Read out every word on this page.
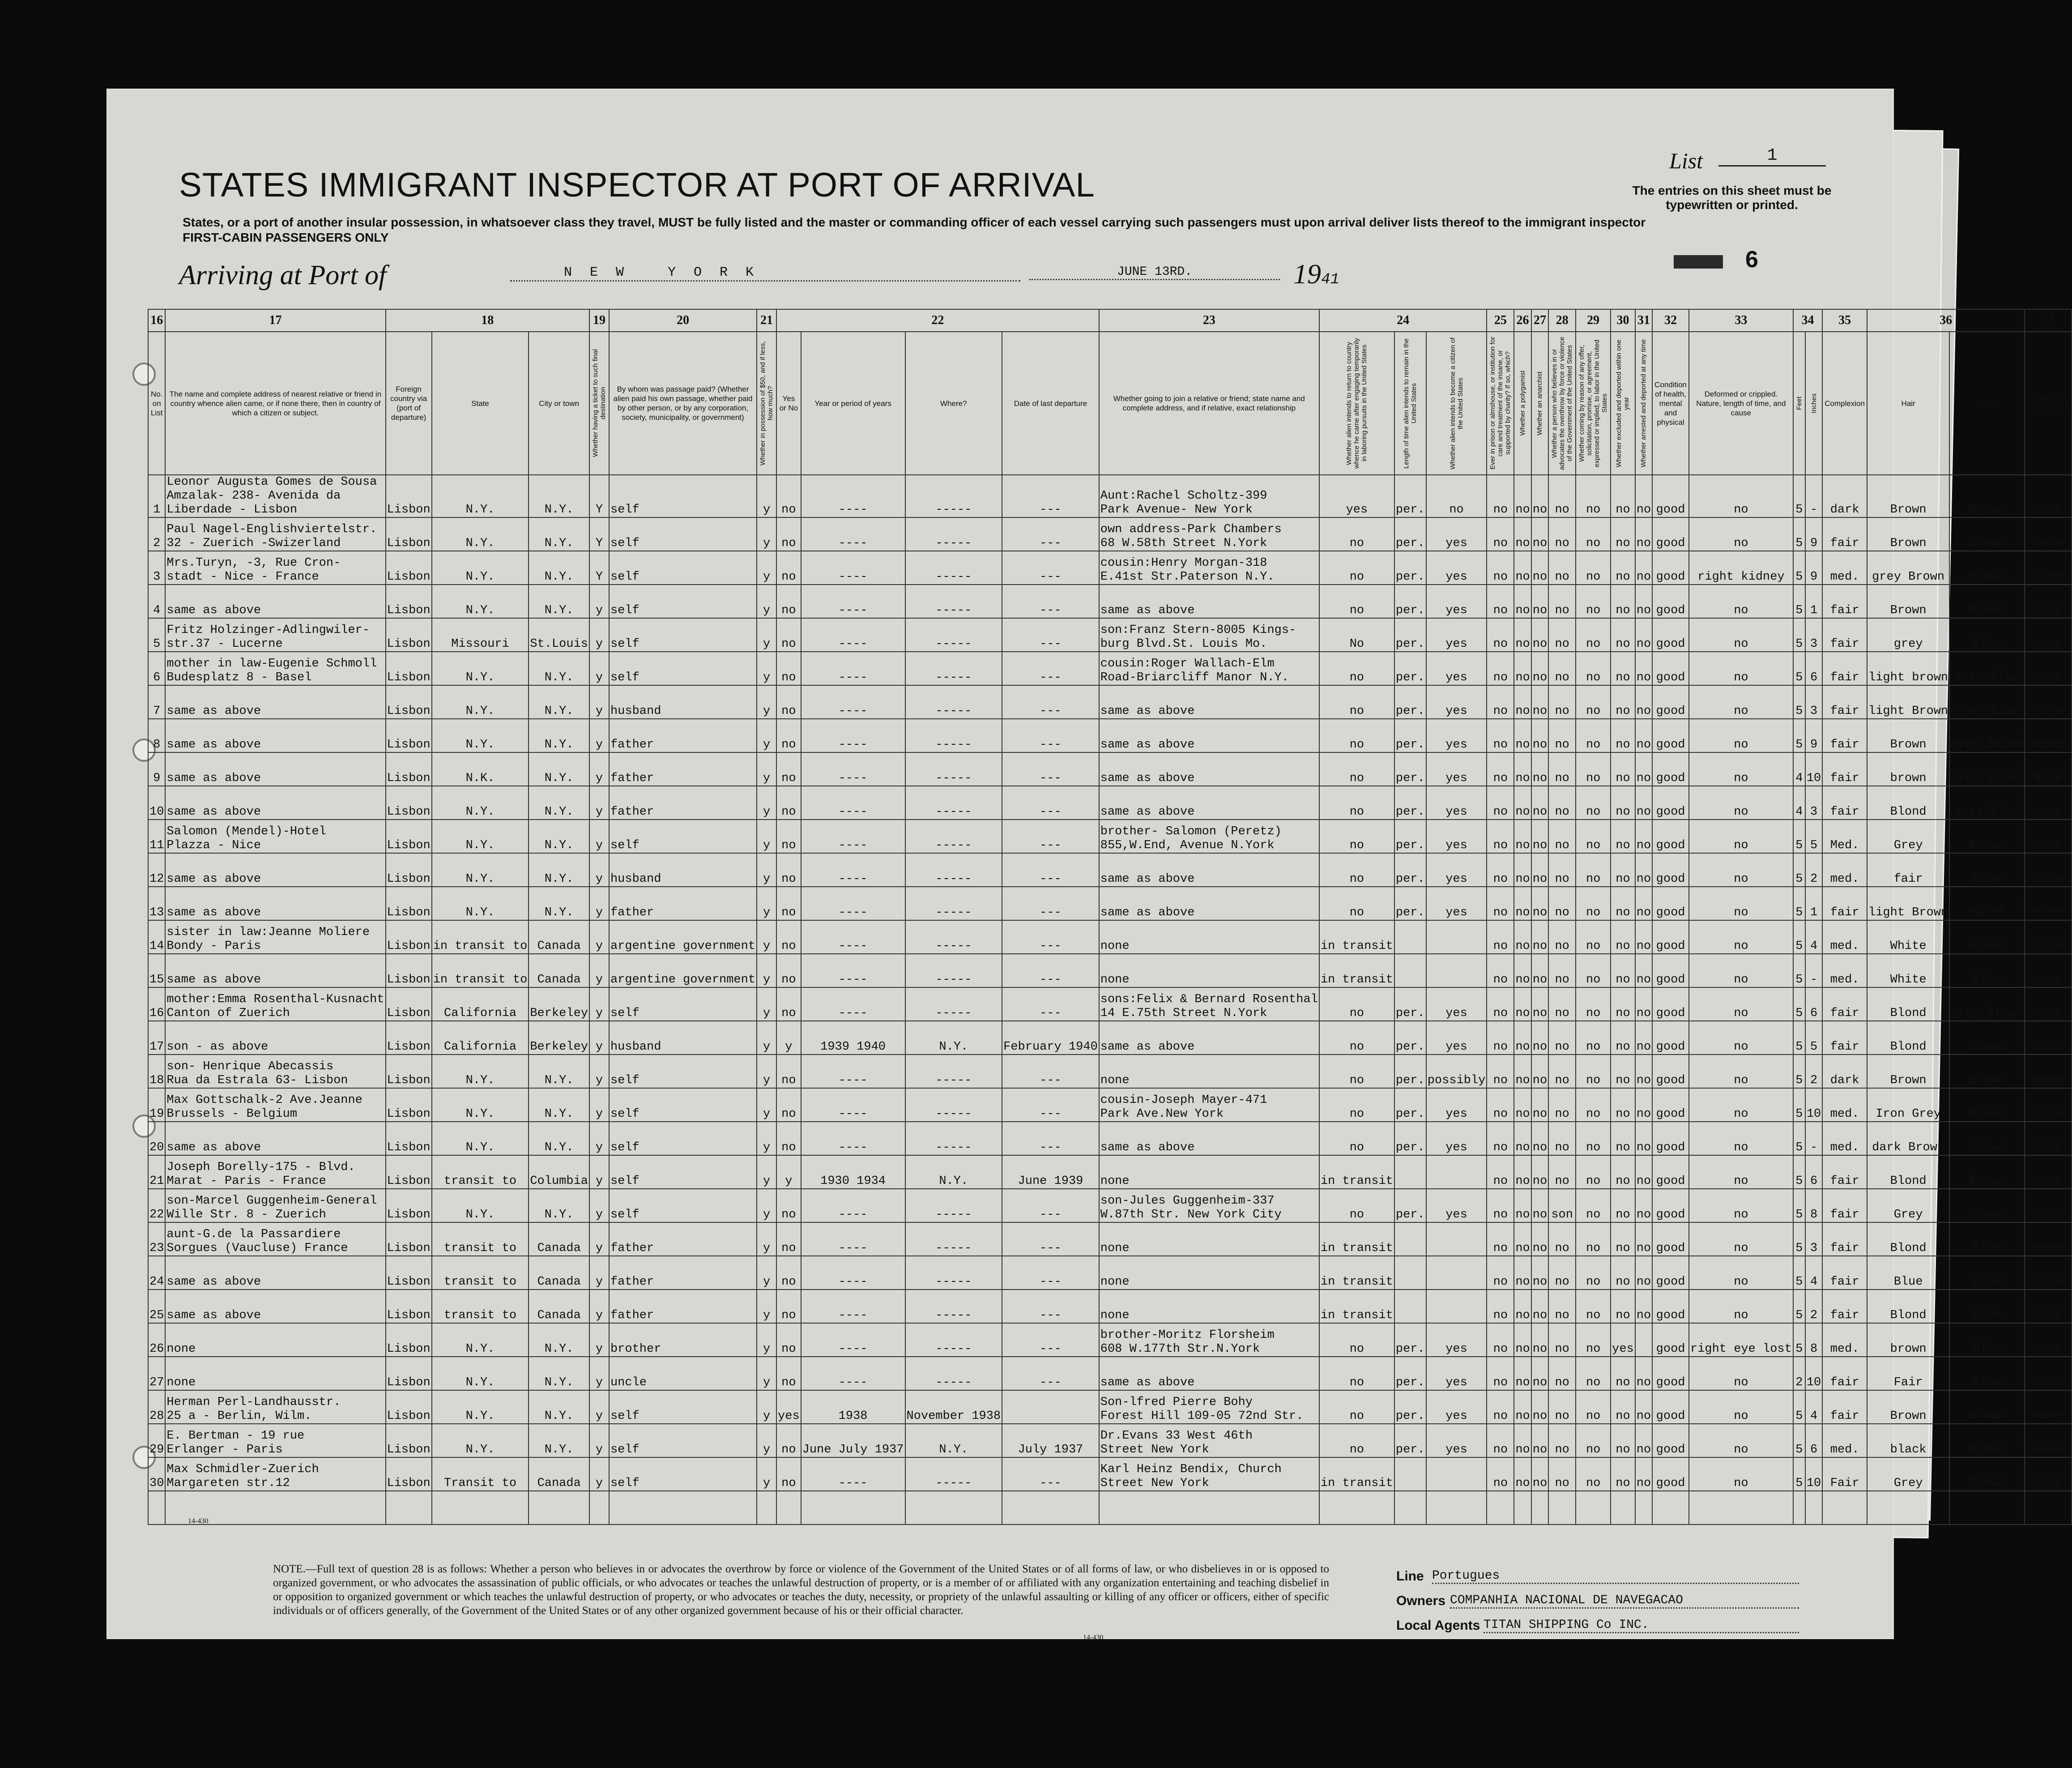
STATES IMMIGRANT INSPECTOR AT PORT OF ARRIVAL
States, or a port of another insular possession, in whatsoever class they travel, MUST be fully listed and the master or commanding officer of each vessel carrying such passengers must upon arrival deliver lists thereof to the immigrant inspector
FIRST-CABIN PASSENGERS ONLY
List	1
The entries on this sheet must be typewritten or printed.
6
Arriving at Port of	NEW YORK	JUNE 13RD.	1941
16	17	18			19	20	21	22				23	24			25	26	27	28	29	30	31	32	33	34		35	36		37
No. on List	The name and complete address of nearest relative or friend in country whence alien came, or if none there, then in country of which a citizen or subject.	Foreign country via (port of departure)	State	City or town	Whether having a ticket to such final destination	By whom was passage paid? (Whether alien paid his own passage, whether paid by other person, or by any corporation, society, municipality, or government)	Whether in possession of $50, and if less, how much?	Yes or No	Year or period of years	Where?	Date of last departure	Whether going to join a relative or friend; state name and complete address, and if relative, exact relationship	Whether alien intends to return to country whence he came after engaging temporarily in laboring pursuits in the United States	Length of time alien intends to remain in the United States	Whether alien intends to become a citizen of the United States	Ever in prison or almshouse, or institution for care and treatment of the insane, or supported by charity? If so, which?	Whether a polygamist	Whether an anarchist	Whether a person who believes in or advocates the overthrow by force or violence of the Government of the United States	Whether coming by reason of any offer, solicitation, promise, or agreement, expressed or implied, to labor in the United States	Whether excluded and deported within one year	Whether arrested and deported at any time	Condition of health, mental and physical	Deformed or crippled. Nature, length of time, and cause	Feet	Inches	Complexion	Hair	Eyes	Marks of identification
1	Leonor Augusta Gomes de Sousa
Amzalak- 238- Avenida da
Liberdade - Lisbon	Lisbon	N.Y.	N.Y.	Y	self	y	no	----	-----	---	Aunt:Rachel Scholtz-399
Park Avenue- New York	yes	per.	no	no	no	no	no	no	no	no	good	no	5	-	dark	Brown	Brown	none
2	Paul Nagel-Englishviertelstr.
32 - Zuerich -Swizerland	Lisbon	N.Y.	N.Y.	Y	self	y	no	----	-----	---	own address-Park Chambers
68 W.58th Street N.York	no	per.	yes	no	no	no	no	no	no	no	good	no	5	9	fair	Brown	Brown	none
3	Mrs.Turyn, -3, Rue Cron-
stadt - Nice - France	Lisbon	N.Y.	N.Y.	Y	self	y	no	----	-----	---	cousin:Henry Morgan-318
E.41st Str.Paterson N.Y.	no	per.	yes	no	no	no	no	no	no	no	good	right kidney	5	9	med.	grey Brown	Brown	none
4	same as above	Lisbon	N.Y.	N.Y.	y	self	y	no	----	-----	---	same as above	no	per.	yes	no	no	no	no	no	no	no	good	no	5	1	fair	Brown	Brown	none
5	Fritz Holzinger-Adlingwiler-
str.37 - Lucerne	Lisbon	Missouri	St.Louis	y	self	y	no	----	-----	---	son:Franz Stern-8005 Kings-
burg Blvd.St. Louis Mo.	No	per.	yes	no	no	no	no	no	no	no	good	no	5	3	fair	grey	blue	none
6	mother in law-Eugenie Schmoll
Budesplatz 8 - Basel	Lisbon	N.Y.	N.Y.	y	self	y	no	----	-----	---	cousin:Roger Wallach-Elm
Road-Briarcliff Manor N.Y.	no	per.	yes	no	no	no	no	no	no	no	good	no	5	6	fair	light brown	Grey Blue	none
7	same as above	Lisbon	N.Y.	N.Y.	y	husband	y	no	----	-----	---	same as above	no	per.	yes	no	no	no	no	no	no	no	good	no	5	3	fair	light Brown	grey Blue	none
8	same as above	Lisbon	N.Y.	N.Y.	y	father	y	no	----	-----	---	same as above	no	per.	yes	no	no	no	no	no	no	no	good	no	5	9	fair	Brown	grey Brown	none
9	same as above	Lisbon	N.K.	N.Y.	y	father	y	no	----	-----	---	same as above	no	per.	yes	no	no	no	no	no	no	no	good	no	4	10	fair	brown	Grey Brown	None
10	same as above	Lisbon	N.Y.	N.Y.	y	father	y	no	----	-----	---	same as above	no	per.	yes	no	no	no	no	no	no	no	good	no	4	3	fair	Blond	grey blue	none
11	Salomon (Mendel)-Hotel
Plazza - Nice	Lisbon	N.Y.	N.Y.	y	self	y	no	----	-----	---	brother- Salomon (Peretz)
855,W.End, Avenue N.York	no	per.	yes	no	no	no	no	no	no	no	good	no	5	5	Med.	Grey	Brown	none
12	same as above	Lisbon	N.Y.	N.Y.	y	husband	y	no	----	-----	---	same as above	no	per.	yes	no	no	no	no	no	no	no	good	no	5	2	med.	fair	Grey	none
13	same as above	Lisbon	N.Y.	N.Y.	y	father	y	no	----	-----	---	same as above	no	per.	yes	no	no	no	no	no	no	no	good	no	5	1	fair	light Brown	Hasel	none
14	sister in law:Jeanne Moliere
Bondy - Paris	Lisbon	in transit to	Canada	y	argentine government	y	no	----	-----	---	none	in transit			no	no	no	no	no	no	no	good	no	5	4	med.	White	Green	none
15	same as above	Lisbon	in transit to	Canada	y	argentine government	y	no	----	-----	---	none	in transit			no	no	no	no	no	no	no	good	no	5	-	med.	White	Blue	none
16	mother:Emma Rosenthal-Kusnacht
Canton of Zuerich	Lisbon	California	Berkeley	y	self	y	no	----	-----	---	sons:Felix & Bernard Rosenthal
14 E.75th Street N.York	no	per.	yes	no	no	no	no	no	no	no	good	no	5	6	fair	Blond	grey Brown	none
17	son - as above	Lisbon	California	Berkeley	y	husband	y	y	1939 1940	N.Y.	February 1940	same as above	no	per.	yes	no	no	no	no	no	no	no	good	no	5	5	fair	Blond	Brown	none
18	son- Henrique Abecassis
Rua da Estrala 63- Lisbon	Lisbon	N.Y.	N.Y.	y	self	y	no	----	-----	---	none	no	per.	possibly	no	no	no	no	no	no	no	good	no	5	2	dark	Brown	Brown	none
19	Max Gottschalk-2 Ave.Jeanne
Brussels - Belgium	Lisbon	N.Y.	N.Y.	y	self	y	no	----	-----	---	cousin-Joseph Mayer-471
Park Ave.New York	no	per.	yes	no	no	no	no	no	no	no	good	no	5	10	med.	Iron Grey	Brown	none
20	same as above	Lisbon	N.Y.	N.Y.	y	self	y	no	----	-----	---	same as above	no	per.	yes	no	no	no	no	no	no	no	good	no	5	-	med.	dark Brown	Brown	none
21	Joseph Borelly-175 - Blvd.
Marat - Paris - France	Lisbon	transit to	Columbia	y	self	y	y	1930 1934	N.Y.	June 1939	none	in transit			no	no	no	no	no	no	no	good	no	5	6	fair	Blond	Brown	none
22	son-Marcel Guggenheim-General
Wille Str. 8 - Zuerich	Lisbon	N.Y.	N.Y.	y	self	y	no	----	-----	---	son-Jules Guggenheim-337
W.87th Str. New York City	no	per.	yes	no	no	no	son	no	no	no	good	no	5	8	fair	Grey	Brown	none
23	aunt-G.de la Passardiere
Sorgues (Vaucluse) France	Lisbon	transit to	Canada	y	father	y	no	----	-----	---	none	in transit			no	no	no	no	no	no	no	good	no	5	3	fair	Blond	Blue	none
24	same as above	Lisbon	transit to	Canada	y	father	y	no	----	-----	---	none	in transit			no	no	no	no	no	no	no	good	no	5	4	fair	Blue	Blue	none
25	same as above	Lisbon	transit to	Canada	y	father	y	no	----	-----	---	none	in transit			no	no	no	no	no	no	no	good	no	5	2	fair	Blond	Blue	none
26	none	Lisbon	N.Y.	N.Y.	y	brother	y	no	----	-----	---	brother-Moritz Florsheim
608 W.177th Str.N.York	no	per.	yes	no	no	no	no	no	yes		good	right eye lost	5	8	med.	brown	Blue	none
27	none	Lisbon	N.Y.	N.Y.	y	uncle	y	no	----	-----	---	same as above	no	per.	yes	no	no	no	no	no	no	no	good	no	2	10	fair	Fair	Blue	none
28	Herman Perl-Landhausstr.
25 a - Berlin, Wilm.	Lisbon	N.Y.	N.Y.	y	self	y	yes	1938	November 1938		Son-lfred Pierre Bohy
Forest Hill 109-05 72nd Str.	no	per.	yes	no	no	no	no	no	no	no	good	no	5	4	fair	Brown	Brown	none
29	E. Bertman - 19 rue
Erlanger - Paris	Lisbon	N.Y.	N.Y.	y	self	y	no	June July 1937	N.Y.	July 1937	Dr.Evans 33 West 46th
Street New York	no	per.	yes	no	no	no	no	no	no	no	good	no	5	6	med.	black	Brown	none
30	Max Schmidler-Zuerich
Margareten str.12	Lisbon	Transit to	Canada	y	self	y	no	----	-----	---	Karl Heinz Bendix, Church
Street New York	in transit			no	no	no	no	no	no	no	good	no	5	10	Fair	Grey	Brown	none

14-430
NOTE.—Full text of question 28 is as follows: Whether a person who believes in or advocates the overthrow by force or violence of the Government of the United States or of all forms of law, or who disbelieves in or is opposed to organized government, or who advocates the assassination of public officials, or who advocates or teaches the unlawful destruction of property, or is a member of or affiliated with any organization entertaining and teaching disbelief in or opposition to organized government or which teaches the unlawful destruction of property, or who advocates or teaches the duty, necessity, or propriety of the unlawful assaulting or killing of any officer or officers, either of specific individuals or of officers generally, of the Government of the United States or of any other organized government because of his or their official character.
14-430
Line Portugues
Owners COMPANHIA NACIONAL DE NAVEGACAO
Local Agents TITAN SHIPPING Co INC.
